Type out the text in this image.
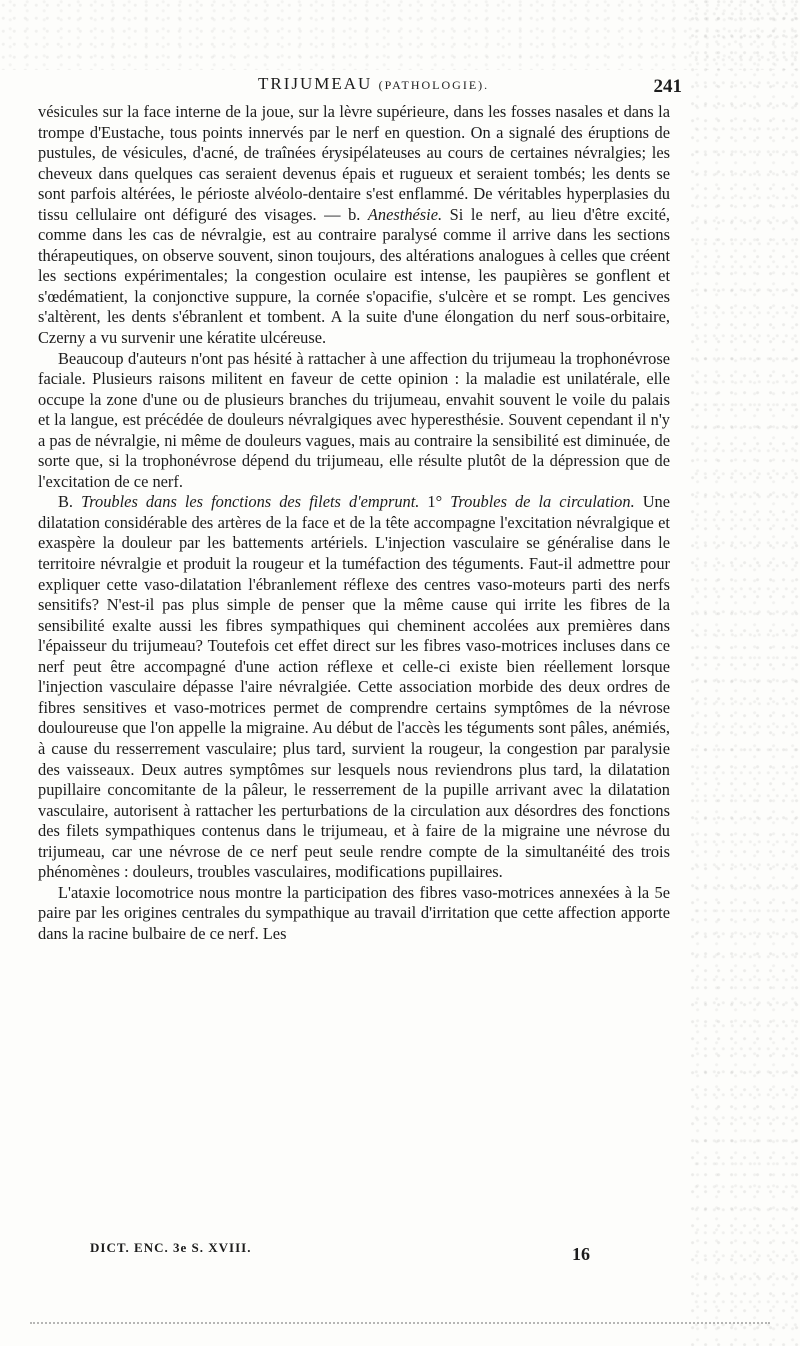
TRIJUMEAU (PATHOLOGIE).	241

vésicules sur la face interne de la joue, sur la lèvre supérieure, dans les fosses nasales et dans la trompe d'Eustache, tous points innervés par le nerf en question. On a signalé des éruptions de pustules, de vésicules, d'acné, de traînées érysipélateuses au cours de certaines névralgies; les cheveux dans quelques cas seraient devenus épais et rugueux et seraient tombés; les dents se sont parfois altérées, le périoste alvéolo-dentaire s'est enflammé. De véritables hyperplasies du tissu cellulaire ont défiguré des visages. — b. Anesthésie. Si le nerf, au lieu d'être excité, comme dans les cas de névralgie, est au contraire paralysé comme il arrive dans les sections thérapeutiques, on observe souvent, sinon toujours, des altérations analogues à celles que créent les sections expérimentales; la congestion oculaire est intense, les paupières se gonflent et s'œdématient, la conjonctive suppure, la cornée s'opacifie, s'ulcère et se rompt. Les gencives s'altèrent, les dents s'ébranlent et tombent. A la suite d'une élongation du nerf sous-orbitaire, Czerny a vu survenir une kératite ulcéreuse.

Beaucoup d'auteurs n'ont pas hésité à rattacher à une affection du trijumeau la trophonévrose faciale. Plusieurs raisons militent en faveur de cette opinion : la maladie est unilatérale, elle occupe la zone d'une ou de plusieurs branches du trijumeau, envahit souvent le voile du palais et la langue, est précédée de douleurs névralgiques avec hyperesthésie. Souvent cependant il n'y a pas de névralgie, ni même de douleurs vagues, mais au contraire la sensibilité est diminuée, de sorte que, si la trophonévrose dépend du trijumeau, elle résulte plutôt de la dépression que de l'excitation de ce nerf.

B. Troubles dans les fonctions des filets d'emprunt. 1° Troubles de la circulation. Une dilatation considérable des artères de la face et de la tête accompagne l'excitation névralgique et exaspère la douleur par les battements artériels. L'injection vasculaire se généralise dans le territoire névralgie et produit la rougeur et la tuméfaction des téguments. Faut-il admettre pour expliquer cette vaso-dilatation l'ébranlement réflexe des centres vaso-moteurs parti des nerfs sensitifs? N'est-il pas plus simple de penser que la même cause qui irrite les fibres de la sensibilité exalte aussi les fibres sympathiques qui cheminent accolées aux premières dans l'épaisseur du trijumeau? Toutefois cet effet direct sur les fibres vaso-motrices incluses dans ce nerf peut être accompagné d'une action réflexe et celle-ci existe bien réellement lorsque l'injection vasculaire dépasse l'aire névralgiée. Cette association morbide des deux ordres de fibres sensitives et vaso-motrices permet de comprendre certains symptômes de la névrose douloureuse que l'on appelle la migraine. Au début de l'accès les téguments sont pâles, anémiés, à cause du resserrement vasculaire; plus tard, survient la rougeur, la congestion par paralysie des vaisseaux. Deux autres symptômes sur lesquels nous reviendrons plus tard, la dilatation pupillaire concomitante de la pâleur, le resserrement de la pupille arrivant avec la dilatation vasculaire, autorisent à rattacher les perturbations de la circulation aux désordres des fonctions des filets sympathiques contenus dans le trijumeau, et à faire de la migraine une névrose du trijumeau, car une névrose de ce nerf peut seule rendre compte de la simultanéité des trois phénomènes : douleurs, troubles vasculaires, modifications pupillaires.

L'ataxie locomotrice nous montre la participation des fibres vaso-motrices annexées à la 5e paire par les origines centrales du sympathique au travail d'irritation que cette affection apporte dans la racine bulbaire de ce nerf. Les

DICT. ENC. 3e S. XVIII.	16
